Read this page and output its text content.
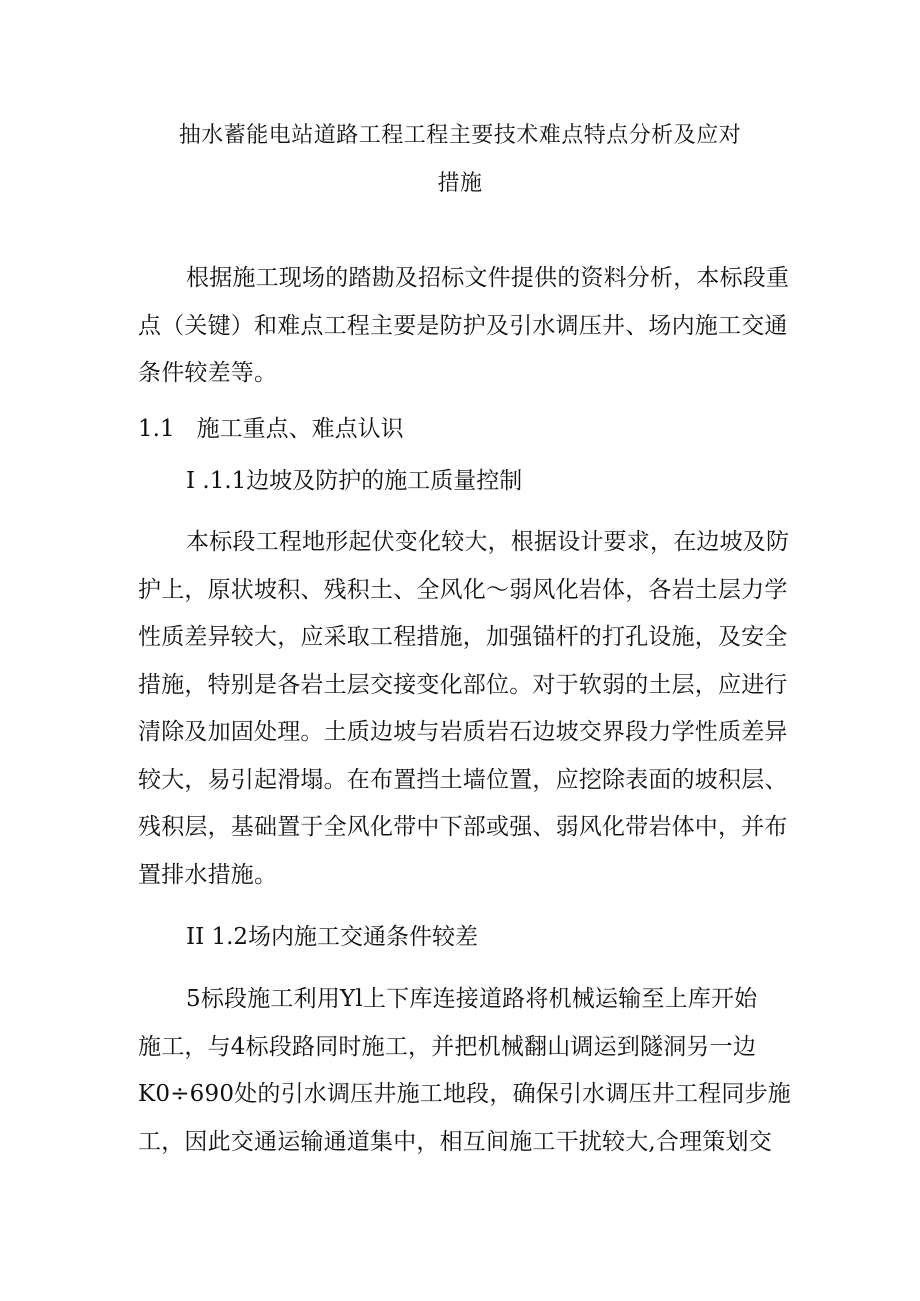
抽水蓄能电站道路工程工程主要技术难点特点分析及应对
措施
根据施工现场的踏勘及招标文件提供的资料分析，本标段重
点（关键）和难点工程主要是防护及引水调压井、场内施工交通
条件较差等。
1.1 施工重点、难点认识
I .1.1边坡及防护的施工质量控制
本标段工程地形起伏变化较大，根据设计要求，在边坡及防
护上，原状坡积、残积土、全风化～弱风化岩体，各岩土层力学
性质差异较大，应采取工程措施，加强锚杆的打孔设施，及安全
措施，特别是各岩土层交接变化部位。对于软弱的土层，应进行
清除及加固处理。土质边坡与岩质岩石边坡交界段力学性质差异
较大，易引起滑塌。在布置挡土墙位置，应挖除表面的坡积层、
残积层，基础置于全风化带中下部或强、弱风化带岩体中，并布
置排水措施。
II 1.2场内施工交通条件较差
5标段施工利用Yl上下库连接道路将机械运输至上库开始
施工，与4标段路同时施工，并把机械翻山调运到隧洞另一边
K0÷690处的引水调压井施工地段，确保引水调压井工程同步施
工，因此交通运输通道集中，相互间施工干扰较大,合理策划交
